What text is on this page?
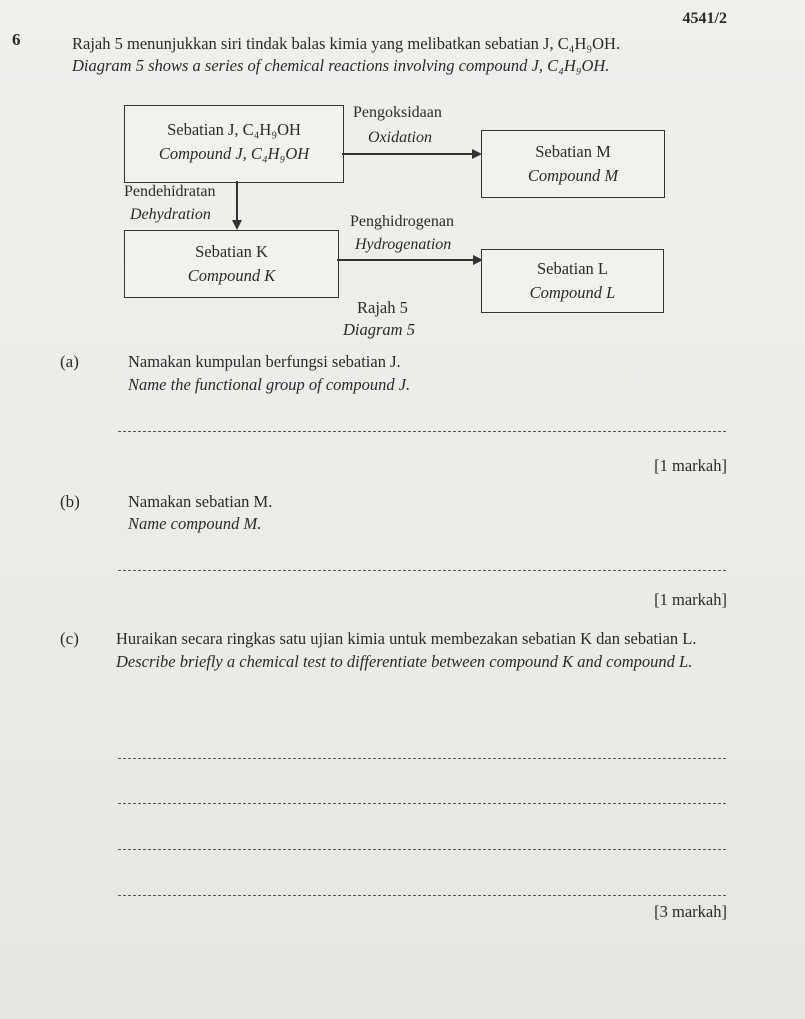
4541/2
6	Rajah 5 menunjukkan siri tindak balas kimia yang melibatkan sebatian J, C₄H₉OH.
Diagram 5 shows a series of chemical reactions involving compound J, C₄H₉OH.
Sebatian J, C₄H₉OH
Compound J, C₄H₉OH
Pengoksidaan
Oxidation
Sebatian M
Compound M
Pendehidratan
Dehydration
Sebatian K
Compound K
Penghidrogenan
Hydrogenation
Sebatian L
Compound L
Rajah 5
Diagram 5
(a)	Namakan kumpulan berfungsi sebatian J.
Name the functional group of compound J.
[1 markah]
(b)	Namakan sebatian M.
Name compound M.
[1 markah]
(c) Huraikan secara ringkas satu ujian kimia untuk membezakan sebatian K dan sebatian L.

Describe briefly a chemical test to differentiate between compound K and compound L.

[3 markah]
